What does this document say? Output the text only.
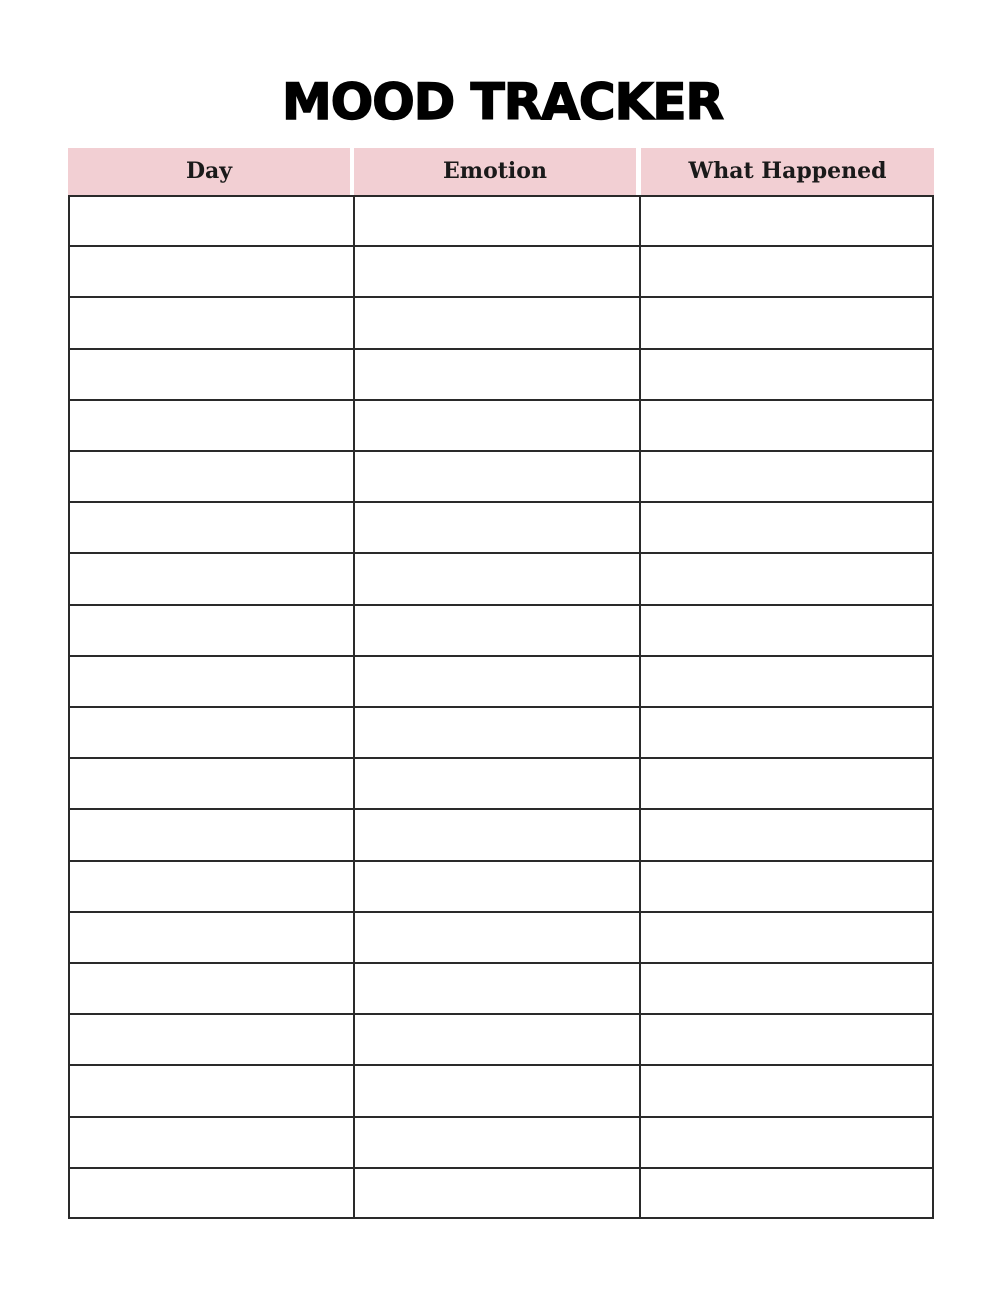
MOOD TRACKER
Day	Emotion	What Happened
